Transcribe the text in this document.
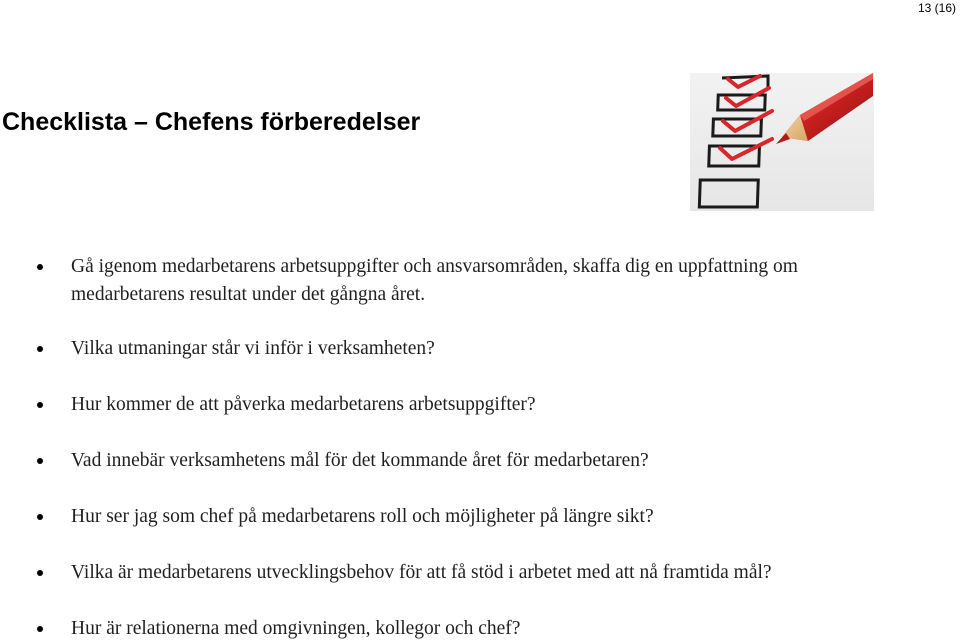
13 (16)
Checklista – Chefens förberedelser
Gå igenom medarbetarens arbetsuppgifter och ansvarsområden, skaffa dig en uppfattning om
medarbetarens resultat under det gångna året.
Vilka utmaningar står vi inför i verksamheten?
Hur kommer de att påverka medarbetarens arbetsuppgifter?
Vad innebär verksamhetens mål för det kommande året för medarbetaren?
Hur ser jag som chef på medarbetarens roll och möjligheter på längre sikt?
Vilka är medarbetarens utvecklingsbehov för att få stöd i arbetet med att nå framtida mål?
Hur är relationerna med omgivningen, kollegor och chef?
